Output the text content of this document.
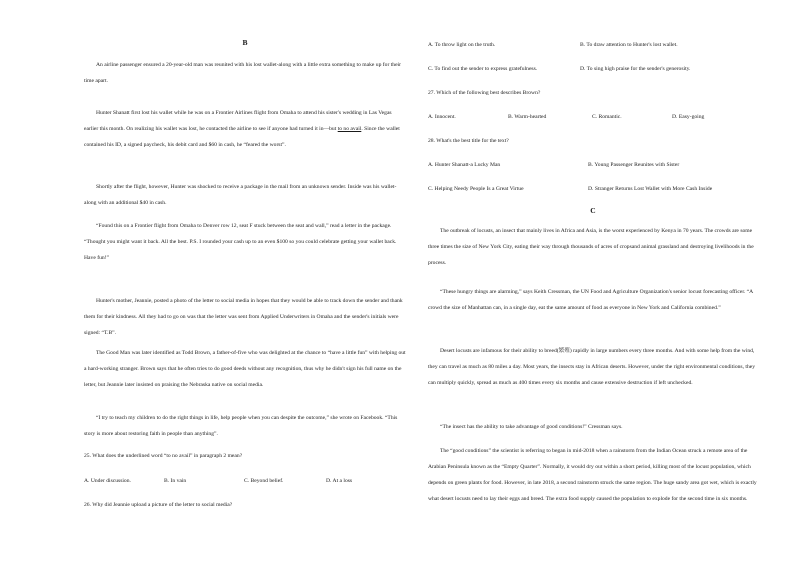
B
An airline passenger ensured a 20-year-old man was reunited with his lost wallet-along with a little extra something to make up for their time apart.
Hunter Shanatt first lost his wallet while he was on a Frontier Airlines flight from Omaha to attend his sister's wedding in Las Vegas earlier this month. On realizing his wallet was lost, he contacted the airline to see if anyone had turned it in—but to no avail. Since the wallet contained his ID, a signed paycheck, his debit card and $60 in cash, he “feared the worst”.
Shortly after the flight, however, Hunter was shocked to receive a package in the mail from an unknown sender. Inside was his wallet-along with an additional $40 in cash.
“Found this on a Frontier flight from Omaha to Denver row 12, seat F stuck between the seat and wall,” read a letter in the package. “Thought you might want it back. All the best. P.S. I rounded your cash up to an even $100 so you could celebrate getting your wallet back. Have fun!”
Hunter's mother, Jeannie, posted a photo of the letter to social media in hopes that they would be able to track down the sender and thank them for their kindness. All they had to go on was that the letter was sent from Applied Underwriters in Omaha and the sender's initials were signed: “T.B”.
The Good Man was later identified as Todd Brown, a father-of-five who was delighted at the chance to “have a little fun” with helping out a hard-working stranger. Brown says that he often tries to do good deeds without any recognition, thus why he didn't sign his full name on the letter, but Jeannie later insisted on praising the Nebraska native on social media.
“I try to teach my children to do the right things in life, help people when you can despite the outcome,” she wrote on Facebook. “This story is more about restoring faith in people than anything”.
25. What does the underlined word “to no avail” in paragraph 2 mean?
A. Under discussion.	B. In vain	C. Beyond belief.	D. At a loss
26. Why did Jeannie upload a picture of the letter to social media?
A. To throw light on the truth.	B. To draw attention to Hunter's lost wallet.
C. To find out the sender to express gratefulness.	D. To sing high praise for the sender's generosity.
27. Which of the following best describes Brown?
A. Innocent.	B. Warm-hearted	C. Romantic.	D. Easy-going
28. What's the best title for the text?
A. Hunter Shanatt-a Lucky Man	B. Young Passenger Reunites with Sister
C. Helping Needy People Is a Great Virtue	D. Stranger Returns Lost Wallet with More Cash Inside
C
The outbreak of locusts, an insect that mainly lives in Africa and Asia, is the worst experienced by Kenya in 70 years. The crowds are some three times the size of New York City, eating their way through thousands of acres of cropsand animal grassland and destroying livelihoods in the process.
“These hungry things are alarming,” says Keith Cressman, the UN Food and Agriculture Organization's senior locust forecasting officer. “A crowd the size of Manhattan can, in a single day, eat the same amount of food as everyone in New York and California combined.”
Desert locusts are infamous for their ability to breed(繁殖) rapidly in large numbers every three months. And with some help from the wind, they can travel as much as 80 miles a day. Most years, the insects stay in African deserts. However, under the right environmental conditions, they can multiply quickly, spread as much as 400 times every six months and cause extensive destruction if left unchecked.
“The insect has the ability to take advantage of good conditions!” Cressman says.
The “good conditions” the scientist is referring to began in mid-2018 when a rainstorm from the Indian Ocean struck a remote area of the Arabian Peninsula known as the “Empty Quarter”. Normally, it would dry out within a short period, killing most of the locust population, which depends on green plants for food. However, in late 2018, a second rainstorm struck the same region. The huge sandy area got wet, which is exactly what desert locusts need to lay their eggs and breed. The extra food supply caused the population to explode for the second time in six months.
